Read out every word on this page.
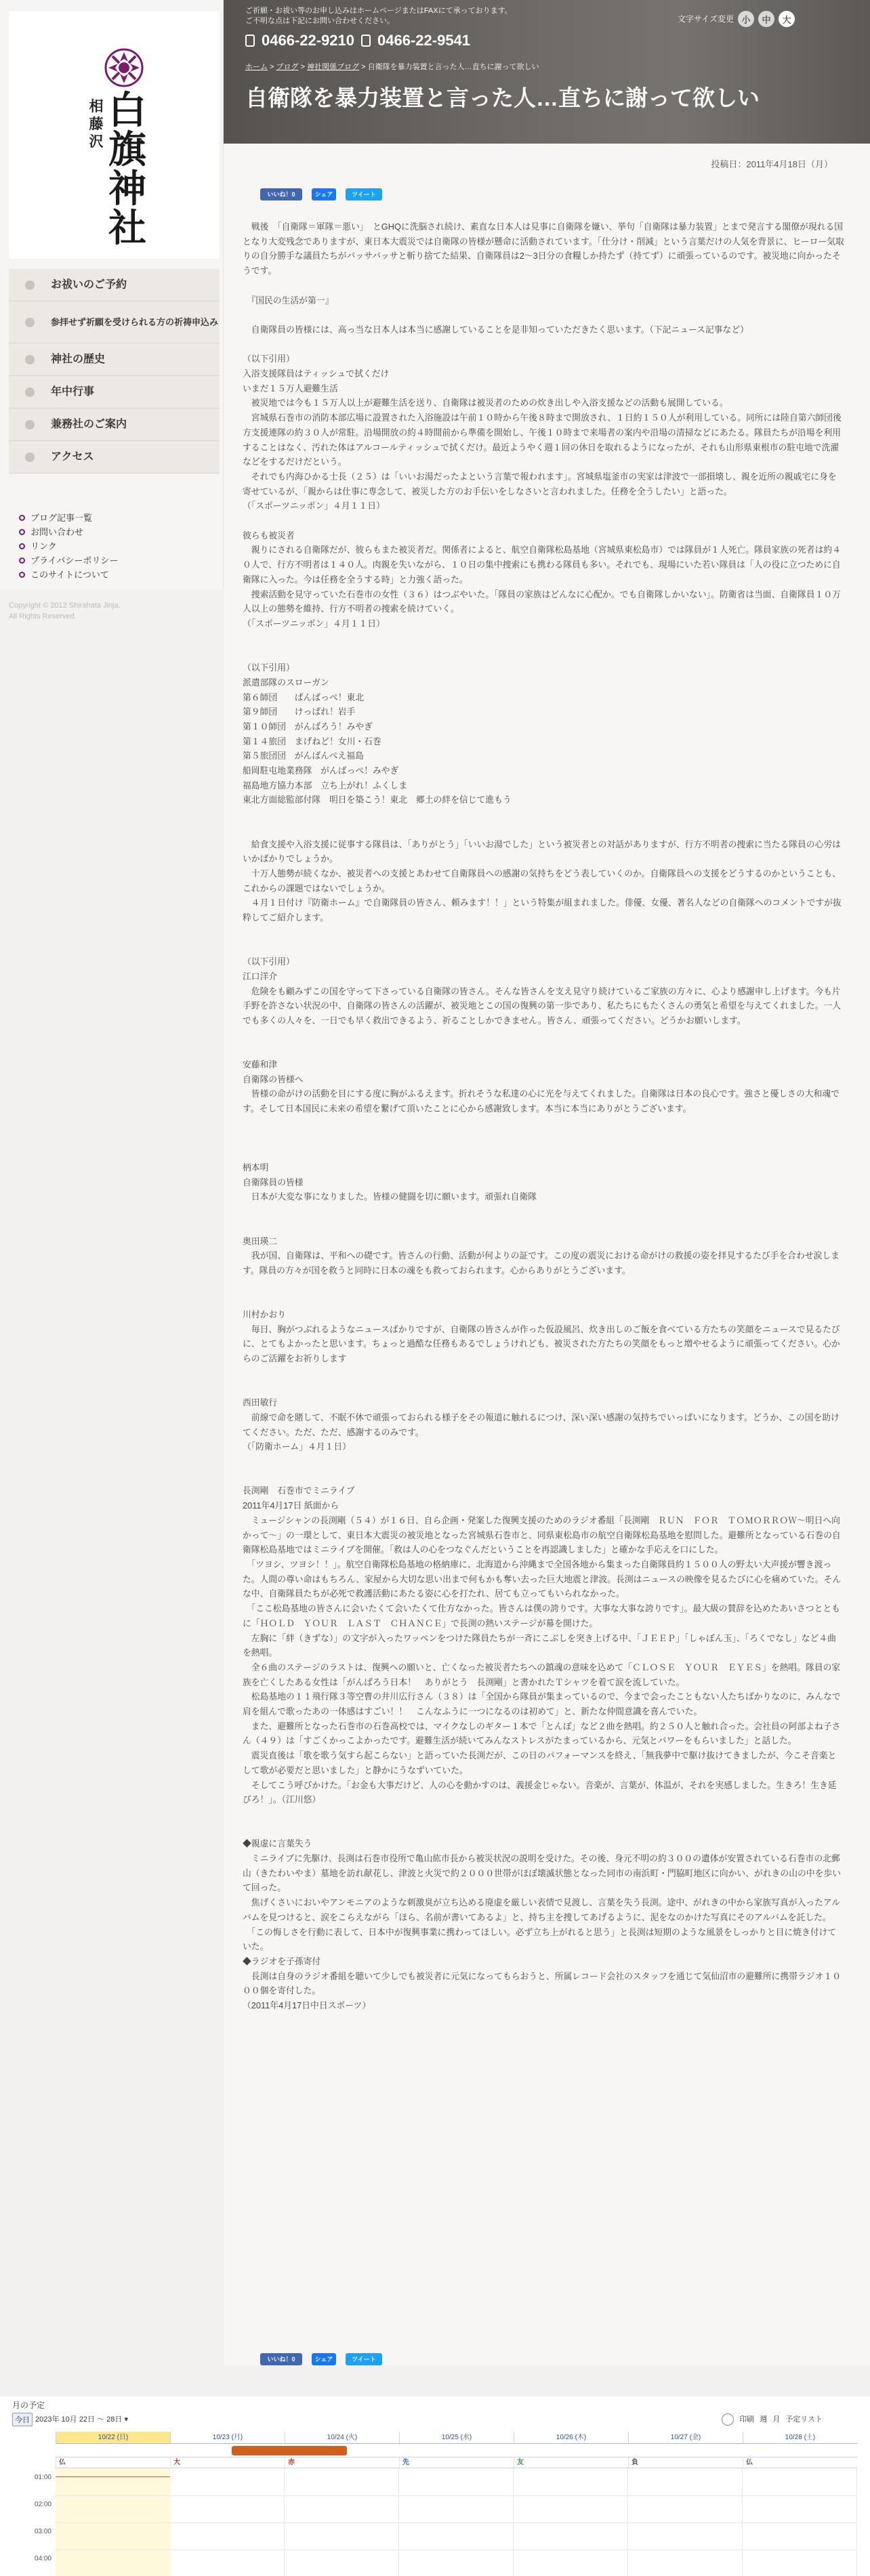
相
藤沢
白旗神社
お祓いのご予約
参拝せず祈願を受けられる方の祈祷申込み
神社の歴史
年中行事
兼務社のご案内
アクセス
ブログ記事一覧
お問い合わせ
リンク
プライバシーポリシー
このサイトについて
Copyright © 2012 Shirahata Jinja.
All Rights Reserved.
ご祈願・お祓い等のお申し込みはホームページまたはFAXにて承っております。
ご不明な点は下記にお問い合わせください。	文字サイズ変更 小	中	大
0466-22-9210 0466-22-9541
ホーム > ブログ > 神社関係ブログ > 自衛隊を暴力装置と言った人…直ちに謝って欲しい
自衛隊を暴力装置と言った人…直ちに謝って欲しい
投稿日：2011年4月18日（月）
いいね！0	シェア	ツイート

　戦後　「自衛隊＝軍隊＝悪い」　とGHQに洗脳され続け、素直な日本人は見事に自衛隊を嫌い、挙句「自衛隊は暴力装置」とまで発言する閣僚が現れる国となり大変残念でありますが、東日本大震災では自衛隊の皆様が懸命に活動されています。「仕分け・削減」という言葉だけの人気を背景に、ヒーロー気取りの自分勝手な議員たちがバッサバッサと斬り捨てた結果、自衛隊員は2〜3日分の食糧しか持たず（持てず）に頑張っているのです。被災地に向かったそうです。

　『国民の生活が第一』

　自衛隊員の皆様には、高っ当な日本人は本当に感謝していることを是非知っていただきたく思います。（下記ニュース記事など）

（以下引用）
入浴支援隊員はティッシュで拭くだけ
いまだ１５万人避難生活
　被災地では今も１５万人以上が避難生活を送り、自衛隊は被災者のための炊き出しや入浴支援などの活動も展開している。
　宮城県石巻市の消防本部広場に設置された入浴施設は午前１０時から午後８時まで開放され、１日約１５０人が利用している。同所には陸自第六師団後方支援連隊の約３０人が常駐。沿場開放の約４時間前から準備を開始し、午後１０時まで来場者の案内や沿場の清掃などにあたる。隊員たちが沿場を利用することはなく、汚れた体はアルコールティッシュで拭くだけ。最近ようやく週１回の休日を取れるようになったが、それも山形県東根市の駐屯地で洗濯などをするだけだという。
　それでも内海ひかる士長（２５）は「いいお湯だったよという言葉で報われます」。宮城県塩釜市の実家は津波で一部損壊し、親を近所の親戚宅に身を寄せているが、「親からは仕事に専念して、被災した方のお手伝いをしなさいと言われました。任務を全うしたい」と語った。
（「スポーツニッポン」４月１１日）

彼らも被災者
　親りにされる自衛隊だが、彼らもまた被災者だ。関係者によると、航空自衛隊松島基地（宮城県東松島市）では隊員が１人死亡。隊員家族の死者は約４０人で、行方不明者は１４０人。肉親を失いながら、１０日の集中捜索にも携わる隊員も多い。それでも、現場にいた若い隊員は「人の役に立つために自衛隊に入った。今は任務を全うする時」と力強く語った。
　捜索活動を見守っていた石巻市の女性（３６）はつぶやいた。「隊員の家族はどんなに心配か。でも自衛隊しかいない」。防衛省は当面、自衛隊員１０万人以上の態勢を維持、行方不明者の捜索を続けていく。
（「スポーツニッポン」４月１１日）

（以下引用）
派遣部隊のスローガン
第６師団　　ぱんばっぺ！東北
第９師団　　けっぱれ！岩手
第１０師団　がんばろう！みやぎ
第１４旅団　まげねど！女川・石巻
第５旅団団　がんばんぺえ福島
船岡駐屯地業務隊　がんばっぺ！みやぎ
福島地方協力本部　立ち上がれ！ふくしま
東北方面総監部付隊　明日を築こう！東北　郷土の絆を信じて進もう

　給食支援や入浴支援に従事する隊員は、「ありがとう」「いいお湯でした」という被災者との対話がありますが、行方不明者の捜索に当たる隊員の心労はいかばかりでしょうか。
　十万人態勢が続くなか、被災者への支援とあわせて自衛隊員への感謝の気持ちをどう表していくのか。自衛隊員への支援をどうするのかということも、これからの課題ではないでしょうか。
　４月１日付け『防衛ホーム』で自衛隊員の皆さん、頼みます！！」という特集が組まれました。俳優、女優、著名人などの自衛隊へのコメントですが抜粋してご紹介します。

（以下引用）
江口洋介
　危険をも顧みずこの国を守って下さっている自衛隊の皆さん。そんな皆さんを支え見守り続けているご家族の方々に、心より感謝申し上げます。今も片手野を許さない状況の中、自衛隊の皆さんの活躍が、被災地とこの国の復興の第一歩であり、私たちにもたくさんの勇気と希望を与えてくれました。一人でも多くの人々を、一日でも早く救出できるよう、祈ることしかできません。皆さん、頑張ってください。どうかお願いします。

安藤和津
自衛隊の皆様へ
　皆様の命がけの活動を目にする度に胸がふるえます。折れそうな私達の心に光を与えてくれました。自衛隊は日本の良心です。強さと優しさの大和魂です。そして日本国民に未来の希望を繋げて頂いたことに心から感謝致します。本当に本当にありがとうございます。

柄本明
自衛隊員の皆様
　日本が大変な事になりました。皆様の健闘を切に願います。頑張れ自衛隊

奥田瑛二
　我が国、自衛隊は、平和への礎です。皆さんの行動、活動が何よりの証です。この度の震災における命がけの救援の姿を拝見するたび手を合わせ涙します。隊員の方々が国を救うと同時に日本の魂をも救っておられます。心からありがとうございます。

川村かおり
　毎日、胸がつぶれるようなニュースばかりですが、自衛隊の皆さんが作った仮設風呂、炊き出しのご飯を食べている方たちの笑顔をニュースで見るたびに、とてもよかったと思います。ちょっと過酷な任務もあるでしょうけれども、被災された方たちの笑顔をもっと増やせるように頑張ってください。心からのご活躍をお祈りします

西田敏行
　前線で命を賭して、不眠不休で頑張っておられる様子をその報道に触れるにつけ、深い深い感謝の気持ちでいっぱいになります。どうか、この国を助けてください。ただ、ただ、感謝するのみです。
（「防衛ホーム」４月１日）

長渕剛　石巻市でミニライブ
2011年4月17日 紙面から
　ミュージシャンの長渕剛（５４）が１６日、自ら企画・発案した復興支援のためのラジオ番組「長渕剛　ＲＵＮ　ＦＯＲ　ＴＯＭＯＲＲＯＷ〜明日へ向かって〜」の一環として、東日本大震災の被災地となった宮城県石巻市と、同県東松島市の航空自衛隊松島基地を慰問した。避難所となっている石巻の自衛隊松島基地ではミニライブを開催。「救は人の心をつなぐんだということを再認識しました」と確かな手応えを口にした。
　「ツヨシ、ツヨシ！！」。航空自衛隊松島基地の格納庫に、北海道から沖縄まで全国各地から集まった自衛隊員約１５００人の野太い大声援が響き渡った。人間の尊い命はもちろん、家屋から大切な思い出まで何もかも奪い去った巨大地震と津波。長渕はニュースの映像を見るたびに心を痛めていた。そんな中、自衛隊員たちが必死で救護活動にあたる姿に心を打たれ、居ても立ってもいられなかった。
　「ここ松島基地の皆さんに会いたくて会いたくて仕方なかった。皆さんは僕の誇りです。大事な大事な誇りです」。最大級の賛辞を込めたあいさつとともに「ＨＯＬＤ　ＹＯＵＲ　ＬＡＳＴ　ＣＨＡＮＣＥ」で長渕の熱いステージが幕を開けた。
　左胸に「絆（きずな）」の文字が入ったワッペンをつけた隊員たちが一斉にこぶしを突き上げる中、「ＪＥＥＰ」「しゃぼん玉」、「ろくでなし」など４曲を熱唱。
　全６曲のステージのラストは、復興への願いと、亡くなった被災者たちへの鎮魂の意味を込めて「ＣＬＯＳＥ　ＹＯＵＲ　ＥＹＥＳ」を熱唱。隊員の家族を亡くしたある女性は「がんばろう日本！　ありがとう　長渕剛」と書かれたＴシャツを着て涙を流していた。
　松島基地の１１飛行隊３等空曹の井川広行さん（３８）は「全国から隊員が集まっているので、今まで会ったこともない人たちばかりなのに、みんなで肩を組んで歌ったあの一体感はすごい！！　こんなふうに一つになるのは初めて」と、新たな仲間意識を喜んでいた。
　また、避難所となった石巻市の石巻高校では、マイクなしのギター１本で「とんぼ」など２曲を熱唱。約２５０人と触れ合った。会社員の阿部よね子さん（４９）は「すごくかっこよかったです。避難生活が続いてみんなストレスがたまっているから、元気とパワーをもらいました」と話した。
　震災直後は「歌を歌う気すら起こらない」と語っていた長渕だが、この日のパフォーマンスを終え、「無我夢中で駆け抜けてきましたが、今こそ音楽として歌が必要だと思いました」と静かにうなずいていた。
　そしてこう呼びかけた。「お金も大事だけど、人の心を動かすのは、義援金じゃない。音楽が、言葉が、体温が、それを実感しました。生きろ！生き延びろ！」。（江川悠）

◆親虚に言葉失う
　ミニライブに先駆け、長渕は石巻市役所で亀山紘市長から被災状況の説明を受けた。その後、身元不明の約３００の遺体が安置されている石巻市の北郵山（きたわいやま）墓地を訪れ献花し、津波と火災で約２０００世帯がほぼ壊滅状態となった同市の南浜町・門脇町地区に向かい、がれきの山の中を歩いて回った。
　焦げくさいにおいやアンモニアのような刺激臭が立ち込める廃虚を厳しい表情で見渡し、言葉を失う長渕。途中、がれきの中から家族写真が入ったアルバムを見つけると、涙をこらえながら「ほら、名前が書いてあるよ」と、持ち主を捜してあげるように、泥をなのかけた写真にそのアルバムを託した。
　「この悔しさを行動に表して、日本中が復興事業に携わってほしい。必ず立ち上がれると思う」と長渕は短期のような風景をしっかりと目に焼き付けていた。
◆ラジオを子孫寄付
　長渕は自身のラジオ番組を聴いて少しでも被災者に元気になってもらおうと、所属レコード会社のスタッフを通じて気仙沼市の避難所に携帯ラジオ１０００個を寄付した。
（2011年4月17日中日スポーツ）

いいね！0	シェア	ツイート
月の予定
今日 2023年 10月 22日 ～ 28日 ▾	印刷 週 月 予定リスト
10/22 (日)	10/23 (月)	10/24 (火)	10/25 (水)	10/26 (木)	10/27 (金)	10/28 (土)
仏	大	赤	先	友	負	仏
01:00
02:00
03:00
04:00
